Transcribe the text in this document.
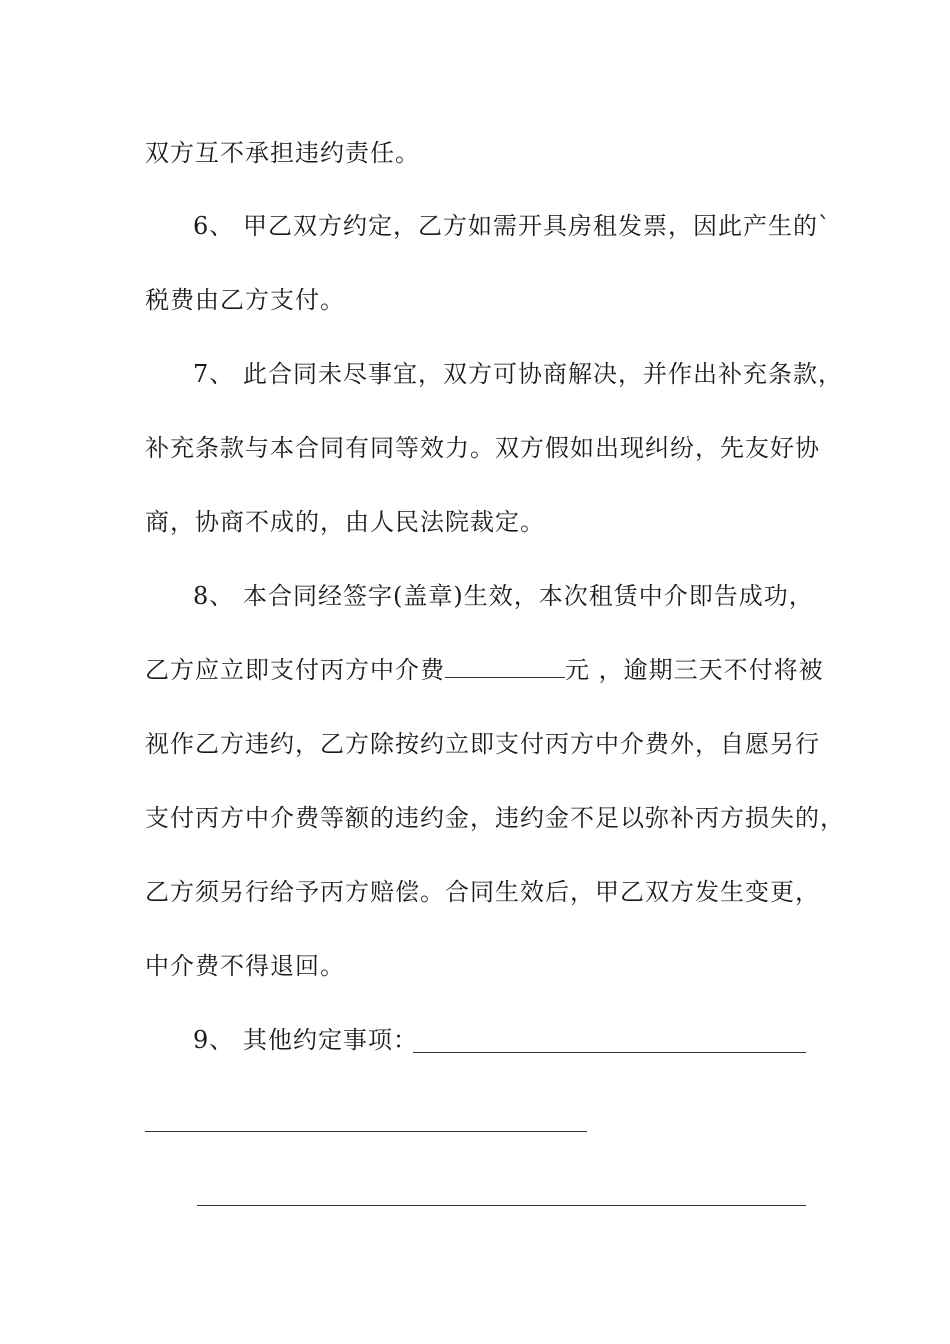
双方互不承担违约责任。
6、 甲乙双方约定，乙方如需开具房租发票，因此产生的`
税费由乙方支付。
7、 此合同未尽事宜，双方可协商解决，并作出补充条款，
补充条款与本合同有同等效力。双方假如出现纠纷，先友好协
商，协商不成的，由人民法院裁定。
8、 本合同经签字(盖章)生效，本次租赁中介即告成功，
乙方应立即支付丙方中介费	元 ，逾期三天不付将被
视作乙方违约，乙方除按约立即支付丙方中介费外，自愿另行
支付丙方中介费等额的违约金，违约金不足以弥补丙方损失的，
乙方须另行给予丙方赔偿。合同生效后，甲乙双方发生变更，
中介费不得退回。
9、 其他约定事项：
